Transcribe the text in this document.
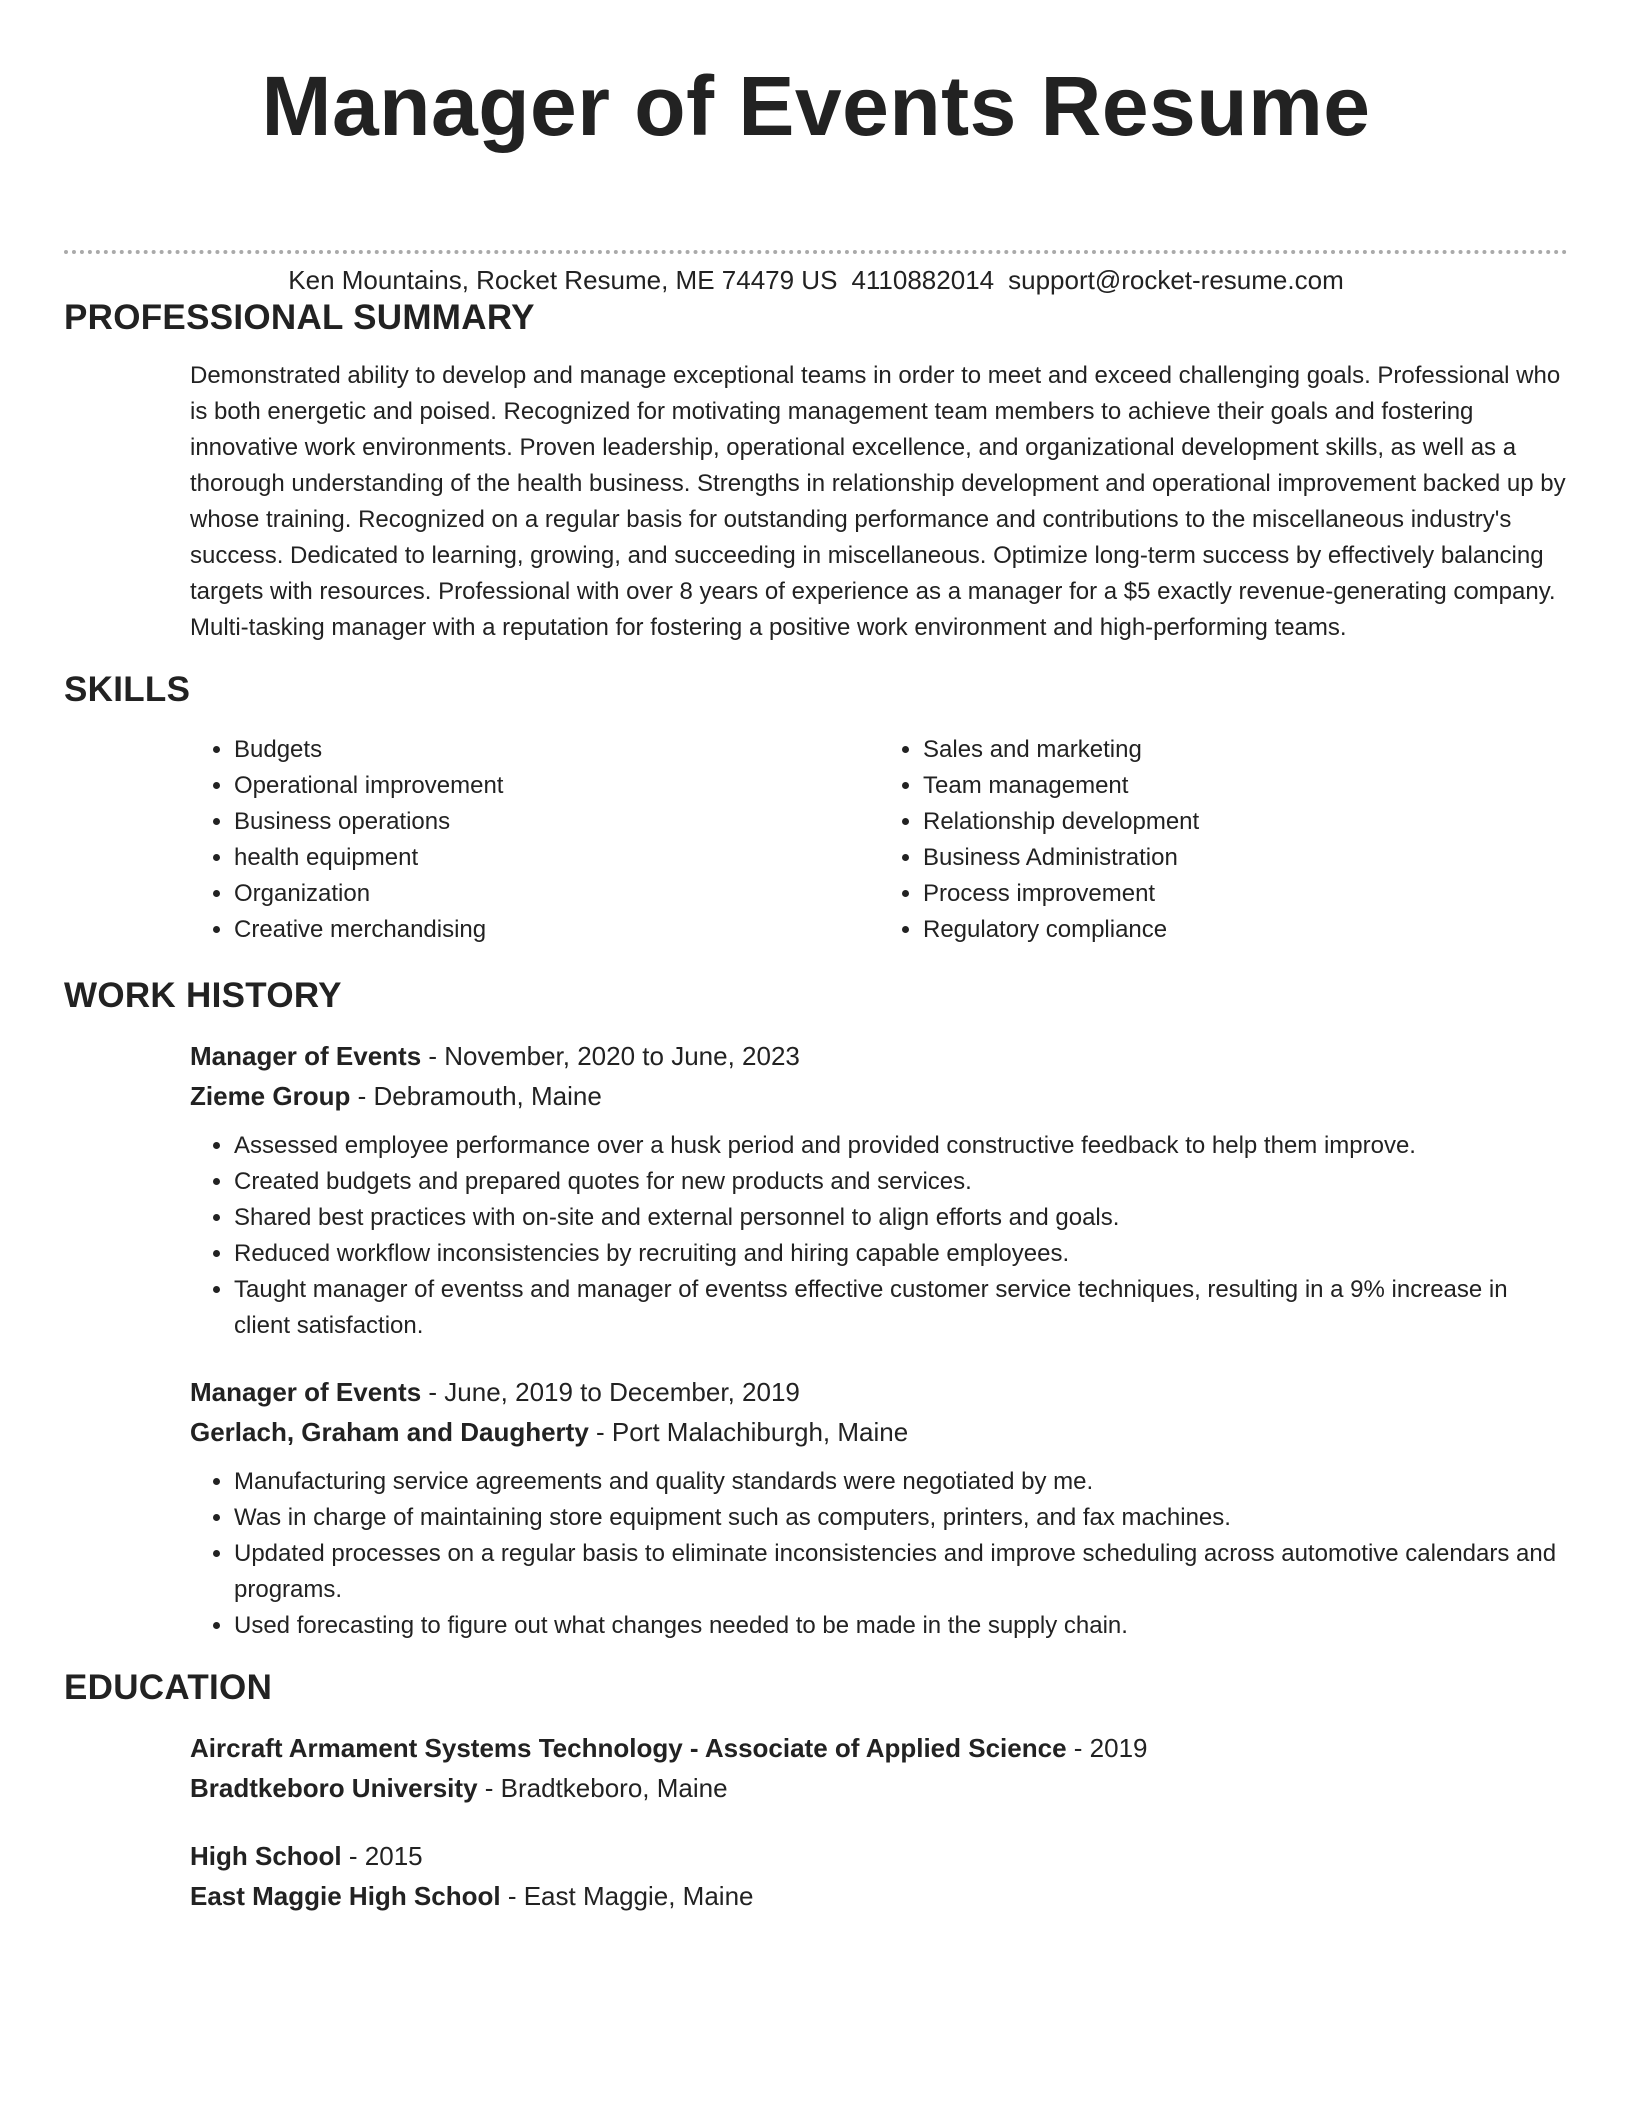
Manager of Events Resume
Ken Mountains, Rocket Resume, ME 74479 US 4110882014 support@rocket-resume.com
PROFESSIONAL SUMMARY

Demonstrated ability to develop and manage exceptional teams in order to meet and exceed challenging goals. Professional who is both energetic and poised. Recognized for motivating management team members to achieve their goals and fostering innovative work environments. Proven leadership, operational excellence, and organizational development skills, as well as a thorough understanding of the health business. Strengths in relationship development and operational improvement backed up by whose training. Recognized on a regular basis for outstanding performance and contributions to the miscellaneous industry's success. Dedicated to learning, growing, and succeeding in miscellaneous. Optimize long-term success by effectively balancing targets with resources. Professional with over 8 years of experience as a manager for a $5 exactly revenue-generating company. Multi-tasking manager with a reputation for fostering a positive work environment and high-performing teams.

SKILLS
• Budgets
• Operational improvement
• Business operations
• health equipment
• Organization
• Creative merchandising
• Sales and marketing
• Team management
• Relationship development
• Business Administration
• Process improvement
• Regulatory compliance
WORK HISTORY
Manager of Events - November, 2020 to June, 2023
Zieme Group - Debramouth, Maine
• Assessed employee performance over a husk period and provided constructive feedback to help them improve.
• Created budgets and prepared quotes for new products and services.
• Shared best practices with on-site and external personnel to align efforts and goals.
• Reduced workflow inconsistencies by recruiting and hiring capable employees.
• Taught manager of eventss and manager of eventss effective customer service techniques, resulting in a 9% increase in client satisfaction.
Manager of Events - June, 2019 to December, 2019
Gerlach, Graham and Daugherty - Port Malachiburgh, Maine
• Manufacturing service agreements and quality standards were negotiated by me.
• Was in charge of maintaining store equipment such as computers, printers, and fax machines.
• Updated processes on a regular basis to eliminate inconsistencies and improve scheduling across automotive calendars and programs.
• Used forecasting to figure out what changes needed to be made in the supply chain.
EDUCATION
Aircraft Armament Systems Technology - Associate of Applied Science - 2019
Bradtkeboro University - Bradtkeboro, Maine
High School - 2015
East Maggie High School - East Maggie, Maine
